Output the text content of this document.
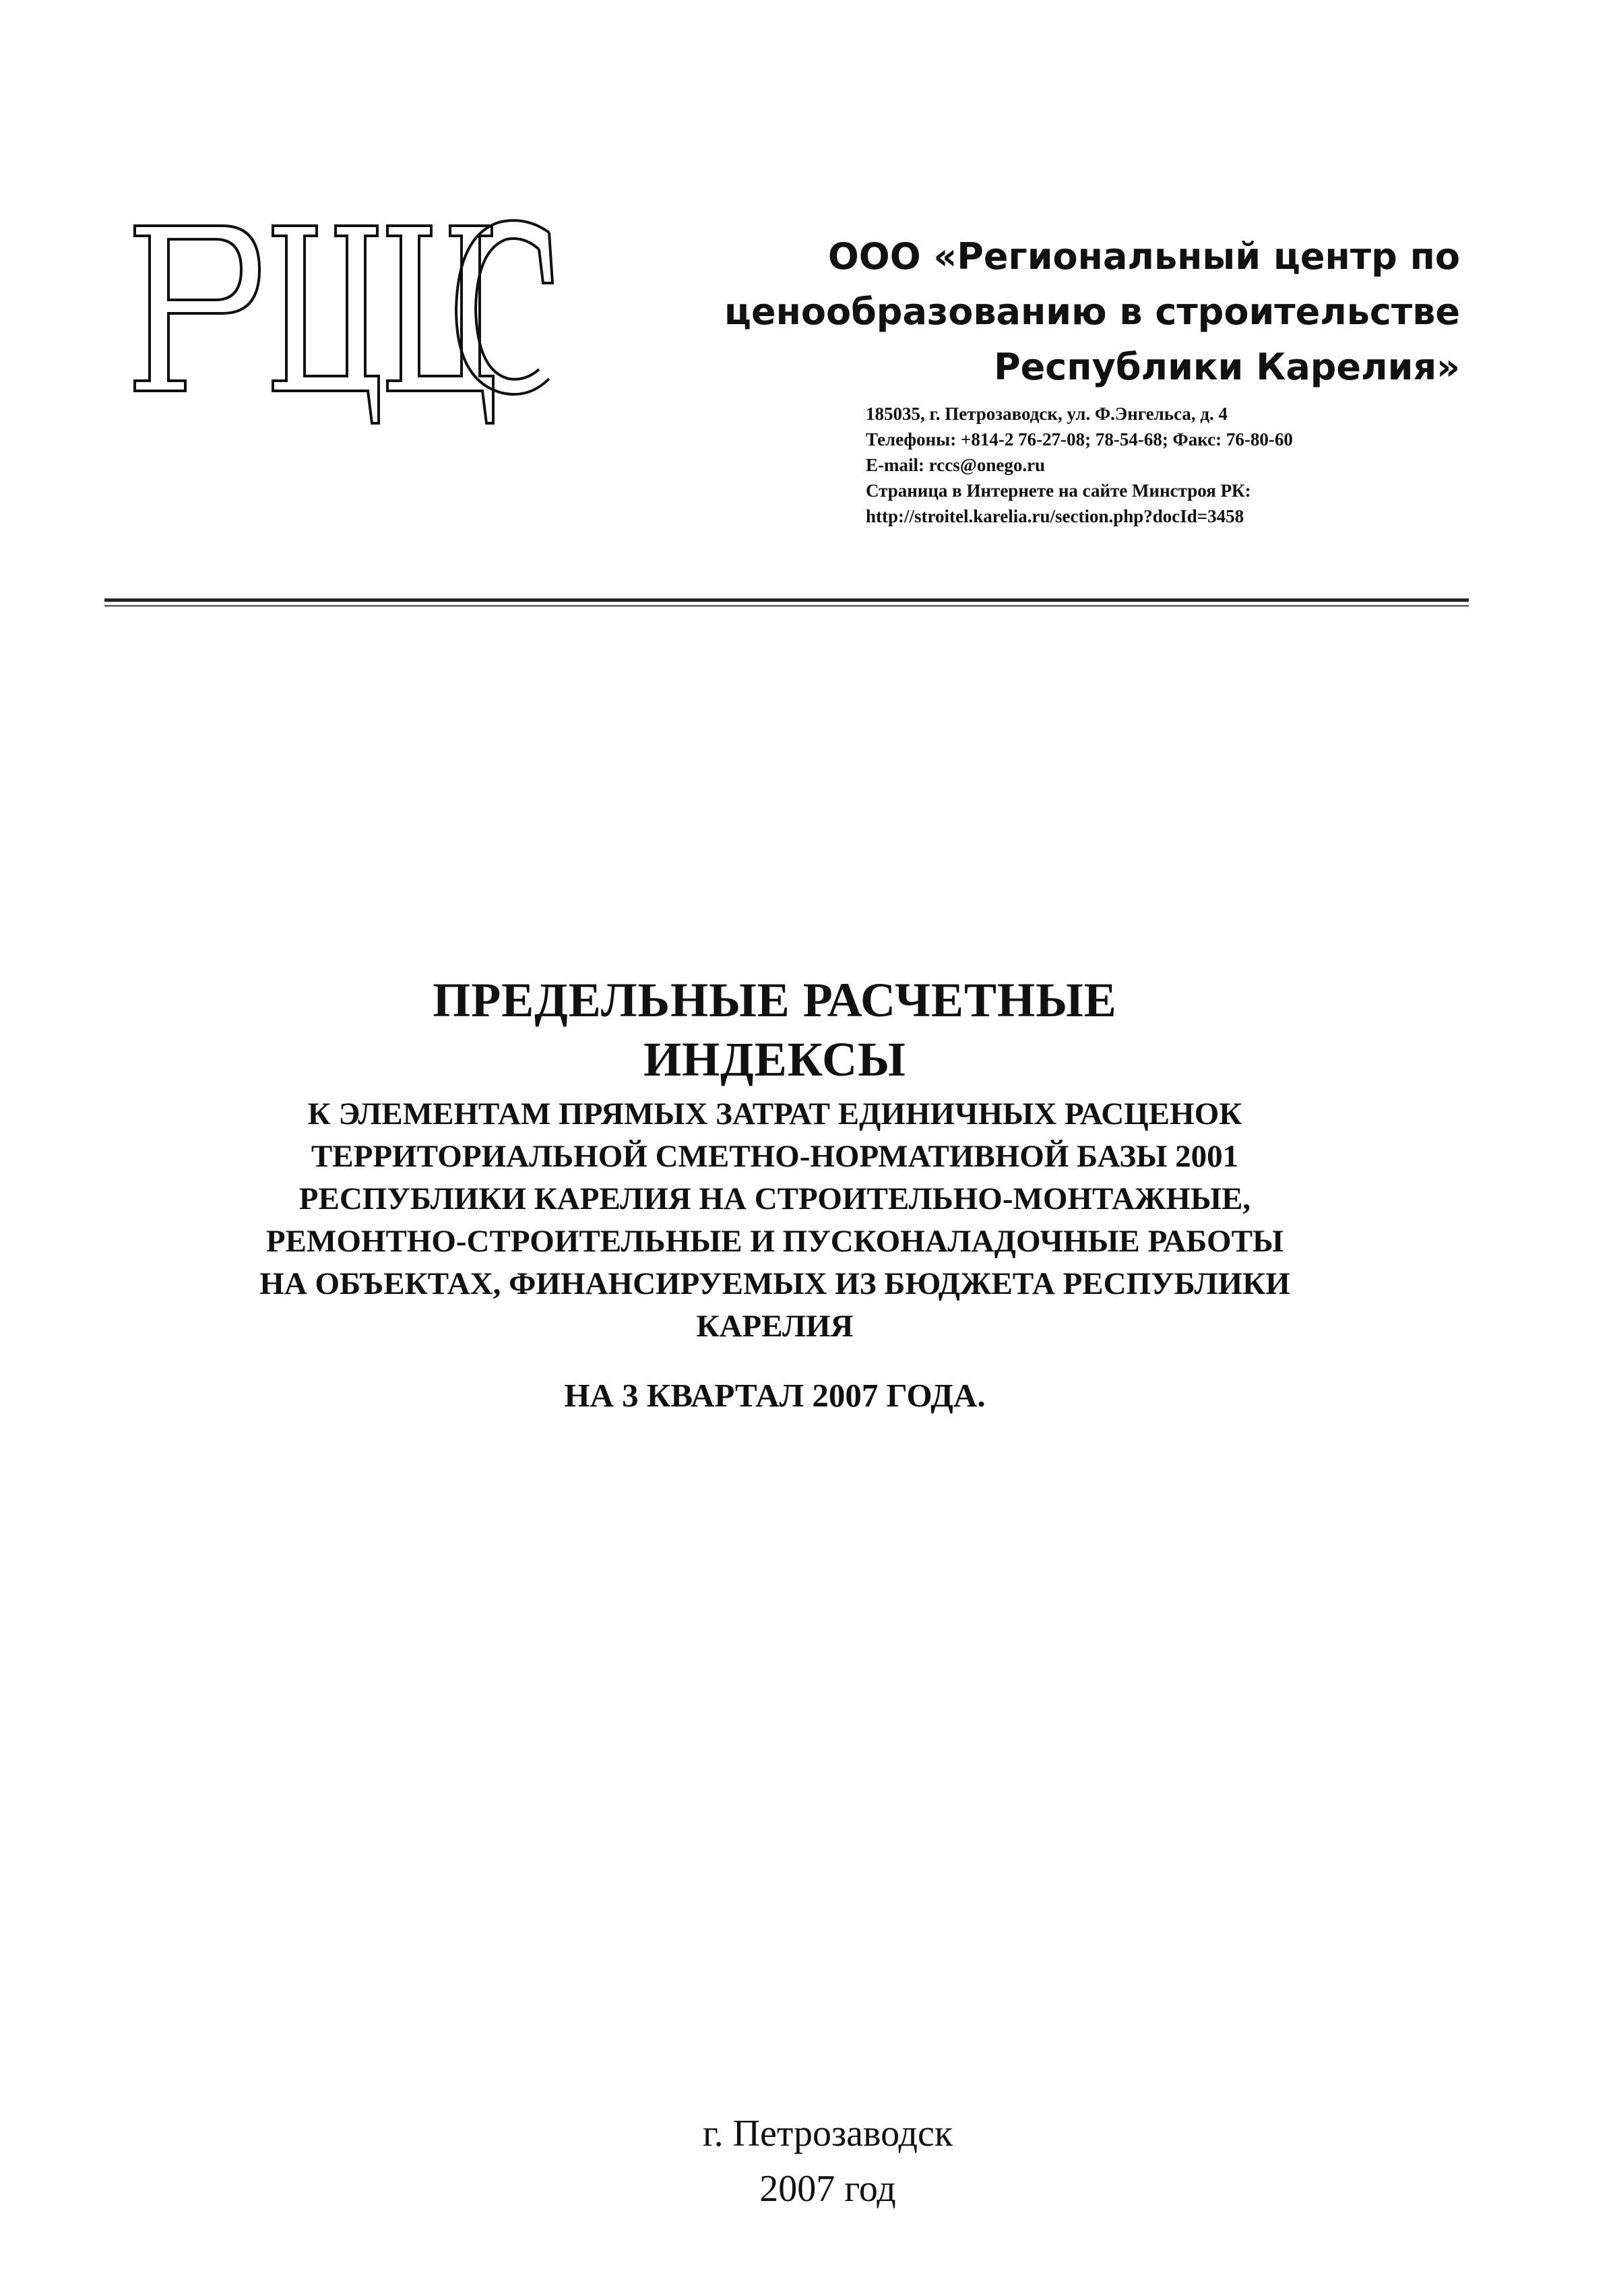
ООО «Региональный центр по
ценообразованию в строительстве
Республики Карелия»
185035, г. Петрозаводск, ул. Ф.Энгельса, д. 4
Телефоны: +814-2 76-27-08; 78-54-68; Факс: 76-80-60
E-mail: rccs@onego.ru
Страница в Интернете на сайте Минстроя РК:
http://stroitel.karelia.ru/section.php?docId=3458
ПРЕДЕЛЬНЫЕ РАСЧЕТНЫЕ
ИНДЕКСЫ
К ЭЛЕМЕНТАМ ПРЯМЫХ ЗАТРАТ ЕДИНИЧНЫХ РАСЦЕНОК
ТЕРРИТОРИАЛЬНОЙ СМЕТНО-НОРМАТИВНОЙ БАЗЫ 2001
РЕСПУБЛИКИ КАРЕЛИЯ НА СТРОИТЕЛЬНО-МОНТАЖНЫЕ,
РЕМОНТНО-СТРОИТЕЛЬНЫЕ И ПУСКОНАЛАДОЧНЫЕ РАБОТЫ
НА ОБЪЕКТАХ, ФИНАНСИРУЕМЫХ ИЗ БЮДЖЕТА РЕСПУБЛИКИ
КАРЕЛИЯ
НА 3 КВАРТАЛ 2007 ГОДА.
г. Петрозаводск
2007 год
